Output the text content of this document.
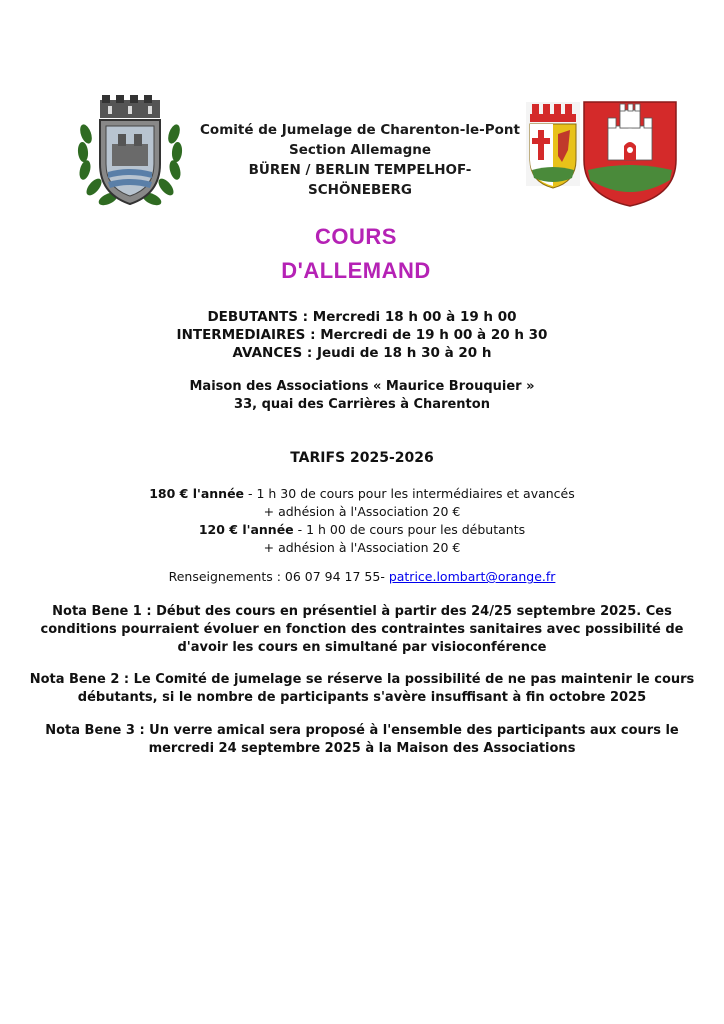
Comité de Jumelage de Charenton-le-Pont
Section Allemagne
BÜREN / BERLIN TEMPELHOF-
SCHÖNEBERG
COURS
D'ALLEMAND
DEBUTANTS : Mercredi 18 h 00 à 19 h 00
INTERMEDIAIRES : Mercredi de 19 h 00 à 20 h 30
AVANCES : Jeudi de 18 h 30 à 20 h
Maison des Associations « Maurice Brouquier »
33, quai des Carrières à Charenton
TARIFS 2025-2026
180 € l'année - 1 h 30 de cours pour les intermédiaires et avancés
+ adhésion à l'Association 20 €
120 € l'année - 1 h 00 de cours pour les débutants
+ adhésion à l'Association 20 €
Renseignements : 06 07 94 17 55- patrice.lombart@orange.fr
Nota Bene 1 : Début des cours en présentiel à partir des 24/25 septembre 2025. Ces
conditions pourraient évoluer en fonction des contraintes sanitaires avec possibilité de
d'avoir les cours en simultané par visioconférence
Nota Bene 2 : Le Comité de jumelage se réserve la possibilité de ne pas maintenir le cours
débutants, si le nombre de participants s'avère insuffisant à fin octobre 2025
Nota Bene 3 : Un verre amical sera proposé à l'ensemble des participants aux cours le
mercredi 24 septembre 2025 à la Maison des Associations
